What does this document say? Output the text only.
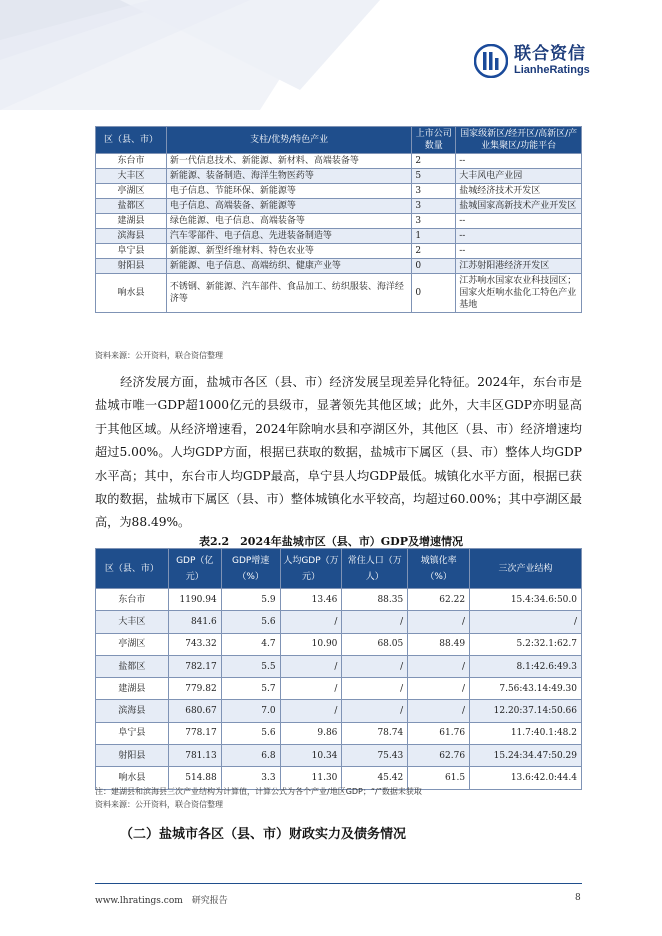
联合资信
LianheRatings
区（县、市）	支柱/优势/特色产业	上市公司数量	国家级新区/经开区/高新区/产业集聚区/功能平台
东台市	新一代信息技术、新能源、新材料、高端装备等	2	--
大丰区	新能源、装备制造、海洋生物医药等	5	大丰风电产业园
亭湖区	电子信息、节能环保、新能源等	3	盐城经济技术开发区
盐都区	电子信息、高端装备、新能源等	3	盐城国家高新技术产业开发区
建湖县	绿色能源、电子信息、高端装备等	3	--
滨海县	汽车零部件、电子信息、先进装备制造等	1	--
阜宁县	新能源、新型纤维材料、特色农业等	2	--
射阳县	新能源、电子信息、高端纺织、健康产业等	0	江苏射阳港经济开发区
响水县	不锈钢、新能源、汽车部件、食品加工、纺织服装、海洋经济等	0	江苏响水国家农业科技园区；国家火炬响水盐化工特色产业基地
资料来源：公开资料，联合资信整理
经济发展方面，盐城市各区（县、市）经济发展呈现差异化特征。2024年，东台市是盐城市唯一GDP超1000亿元的县级市，显著领先其他区域；此外，大丰区GDP亦明显高于其他区域。从经济增速看，2024年除响水县和亭湖区外，其他区（县、市）经济增速均超过5.00%。人均GDP方面，根据已获取的数据，盐城市下属区（县、市）整体人均GDP水平高；其中，东台市人均GDP最高，阜宁县人均GDP最低。城镇化水平方面，根据已获取的数据，盐城市下属区（县、市）整体城镇化水平较高，均超过60.00%；其中亭湖区最高，为88.49%。
表2.2　2024年盐城市区（县、市）GDP及增速情况
区（县、市）	GDP（亿元）	GDP增速（%）	人均GDP（万元）	常住人口（万人）	城镇化率（%）	三次产业结构
东台市	1190.94	5.9	13.46	88.35	62.22	15.4:34.6:50.0
大丰区	841.6	5.6	/	/	/	/
亭湖区	743.32	4.7	10.90	68.05	88.49	5.2:32.1:62.7
盐都区	782.17	5.5	/	/	/	8.1:42.6:49.3
建湖县	779.82	5.7	/	/	/	7.56:43.14:49.30
滨海县	680.67	7.0	/	/	/	12.20:37.14:50.66
阜宁县	778.17	5.6	9.86	78.74	61.76	11.7:40.1:48.2
射阳县	781.13	6.8	10.34	75.43	62.76	15.24:34.47:50.29
响水县	514.88	3.3	11.30	45.42	61.5	13.6:42.0:44.4
注：建湖县和滨海县三次产业结构为计算值，计算公式为各个产业/地区GDP；“/”数据未获取
资料来源：公开资料，联合资信整理
（二）盐城市各区（县、市）财政实力及债务情况
www.lhratings.com　研究报告	8
